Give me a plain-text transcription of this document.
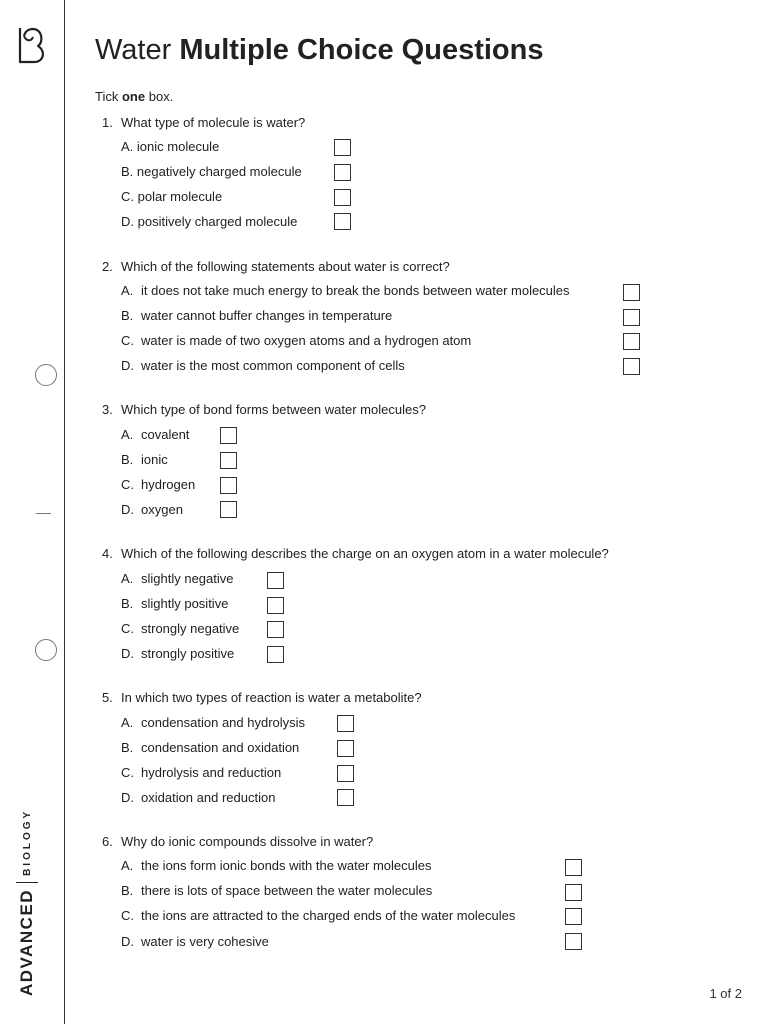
ADVANCED
BIOLOGY
Water Multiple Choice Questions
Tick one box.
1. What type of molecule is water?
A. ionic molecule
B. negatively charged molecule
C. polar molecule
D. positively charged molecule
2. Which of the following statements about water is correct?
A. it does not take much energy to break the bonds between water molecules
B. water cannot buffer changes in temperature
C. water is made of two oxygen atoms and a hydrogen atom
D. water is the most common component of cells
3. Which type of bond forms between water molecules?
A. covalent
B. ionic
C. hydrogen
D. oxygen
4. Which of the following describes the charge on an oxygen atom in a water molecule?
A. slightly negative
B. slightly positive
C. strongly negative
D. strongly positive
5. In which two types of reaction is water a metabolite?
A. condensation and hydrolysis
B. condensation and oxidation
C. hydrolysis and reduction
D. oxidation and reduction
6. Why do ionic compounds dissolve in water?
A. the ions form ionic bonds with the water molecules
B. there is lots of space between the water molecules
C. the ions are attracted to the charged ends of the water molecules
D. water is very cohesive
1 of 2
